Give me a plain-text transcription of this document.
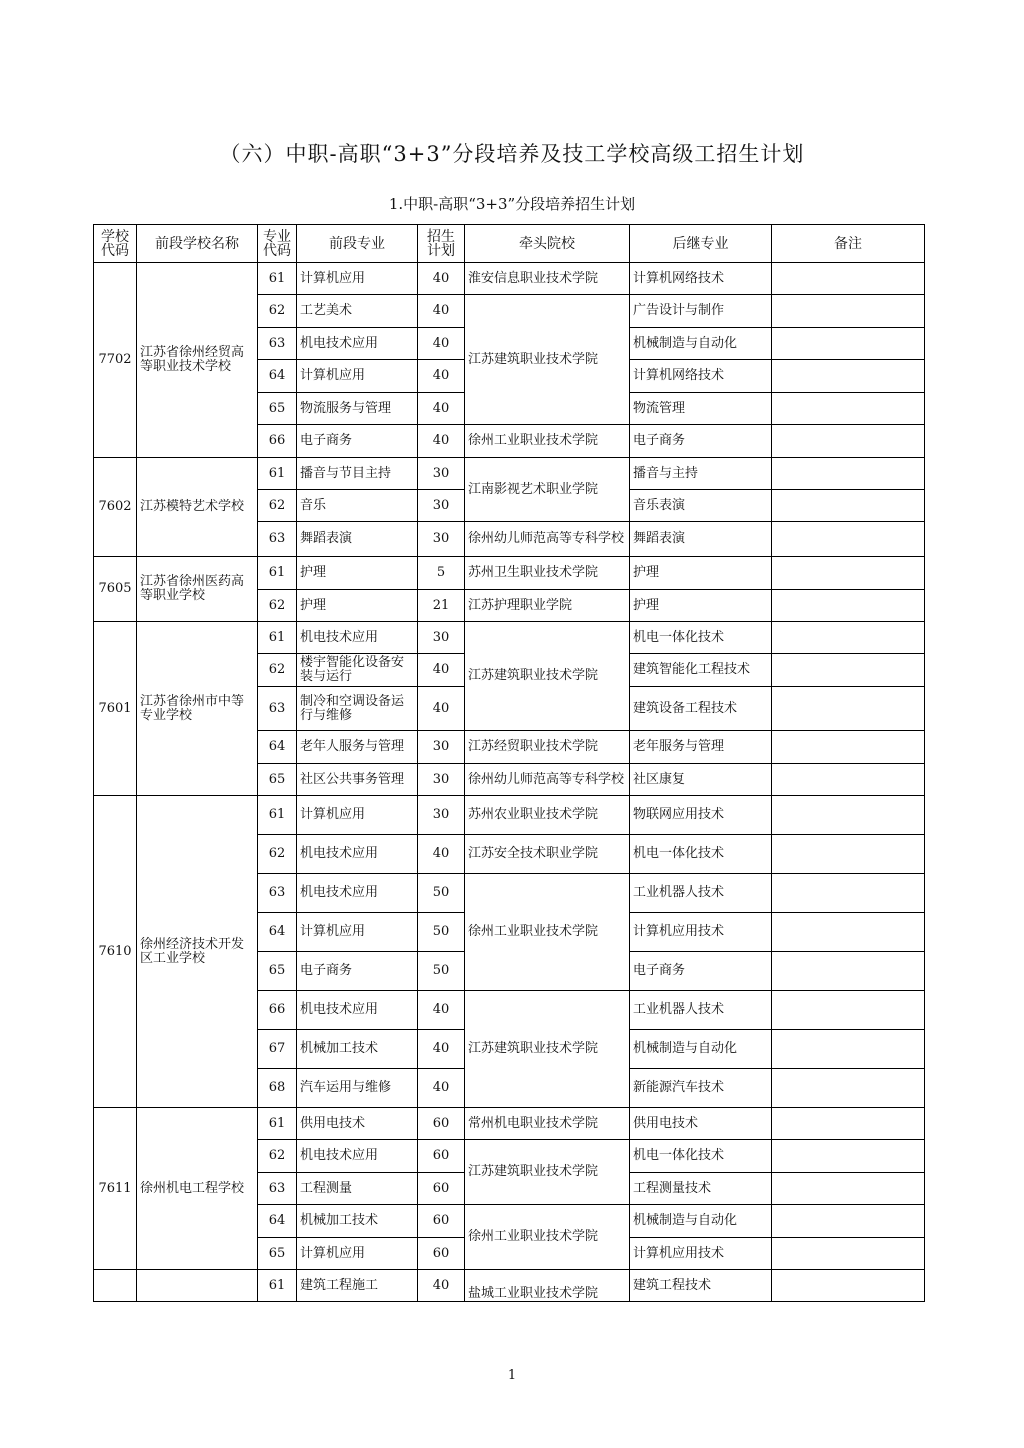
（六）中职-高职“3+3”分段培养及技工学校高级工招生计划
1.中职-高职“3+3”分段培养招生计划
学校代码	前段学校名称	专业代码	前段专业	招生计划	牵头院校	后继专业	备注
7702	江苏省徐州经贸高等职业技术学校	61	计算机应用	40	淮安信息职业技术学院	计算机网络技术	
		62	工艺美术	40	江苏建筑职业技术学院	广告设计与制作	
		63	机电技术应用	40		机械制造与自动化	
		64	计算机应用	40		计算机网络技术	
		65	物流服务与管理	40		物流管理	
		66	电子商务	40	徐州工业职业技术学院	电子商务	
7602	江苏模特艺术学校	61	播音与节目主持	30	江南影视艺术职业学院	播音与主持	
		62	音乐	30		音乐表演	
		63	舞蹈表演	30	徐州幼儿师范高等专科学校	舞蹈表演	
7605	江苏省徐州医药高等职业学校	61	护理	5	苏州卫生职业技术学院	护理	
		62	护理	21	江苏护理职业学院	护理	
7601	江苏省徐州市中等专业学校	61	机电技术应用	30	江苏建筑职业技术学院	机电一体化技术	
		62	楼宇智能化设备安装与运行	40		建筑智能化工程技术	
		63	制冷和空调设备运行与维修	40		建筑设备工程技术	
		64	老年人服务与管理	30	江苏经贸职业技术学院	老年服务与管理	
		65	社区公共事务管理	30	徐州幼儿师范高等专科学校	社区康复	
7610	徐州经济技术开发区工业学校	61	计算机应用	30	苏州农业职业技术学院	物联网应用技术	
		62	机电技术应用	40	江苏安全技术职业学院	机电一体化技术	
		63	机电技术应用	50	徐州工业职业技术学院	工业机器人技术	
		64	计算机应用	50		计算机应用技术	
		65	电子商务	50		电子商务	
		66	机电技术应用	40	江苏建筑职业技术学院	工业机器人技术	
		67	机械加工技术	40		机械制造与自动化	
		68	汽车运用与维修	40		新能源汽车技术	
7611	徐州机电工程学校	61	供用电技术	60	常州机电职业技术学院	供用电技术	
		62	机电技术应用	60	江苏建筑职业技术学院	机电一体化技术	
		63	工程测量	60		工程测量技术	
		64	机械加工技术	60	徐州工业职业技术学院	机械制造与自动化	
		65	计算机应用	60		计算机应用技术	
		61	建筑工程施工	40	盐城工业职业技术学院	建筑工程技术	
1
